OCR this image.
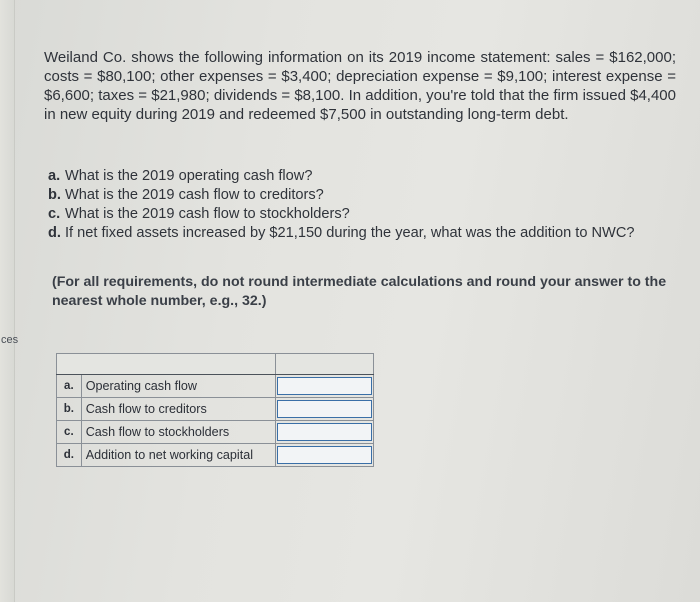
ces
Weiland Co. shows the following information on its 2019 income statement: sales = $162,000; costs = $80,100; other expenses = $3,400; depreciation expense = $9,100; interest expense = $6,600; taxes = $21,980; dividends = $8,100. In addition, you're told that the firm issued $4,400 in new equity during 2019 and redeemed $7,500 in outstanding long-term debt.
a. What is the 2019 operating cash flow?
b. What is the 2019 cash flow to creditors?
c. What is the 2019 cash flow to stockholders?
d. If net fixed assets increased by $21,150 during the year, what was the addition to NWC?
(For all requirements, do not round intermediate calculations and round your answer to the nearest whole number, e.g., 32.)

a.	Operating cash flow	

b.	Cash flow to creditors	

c.	Cash flow to stockholders	

d.	Addition to net working capital	
